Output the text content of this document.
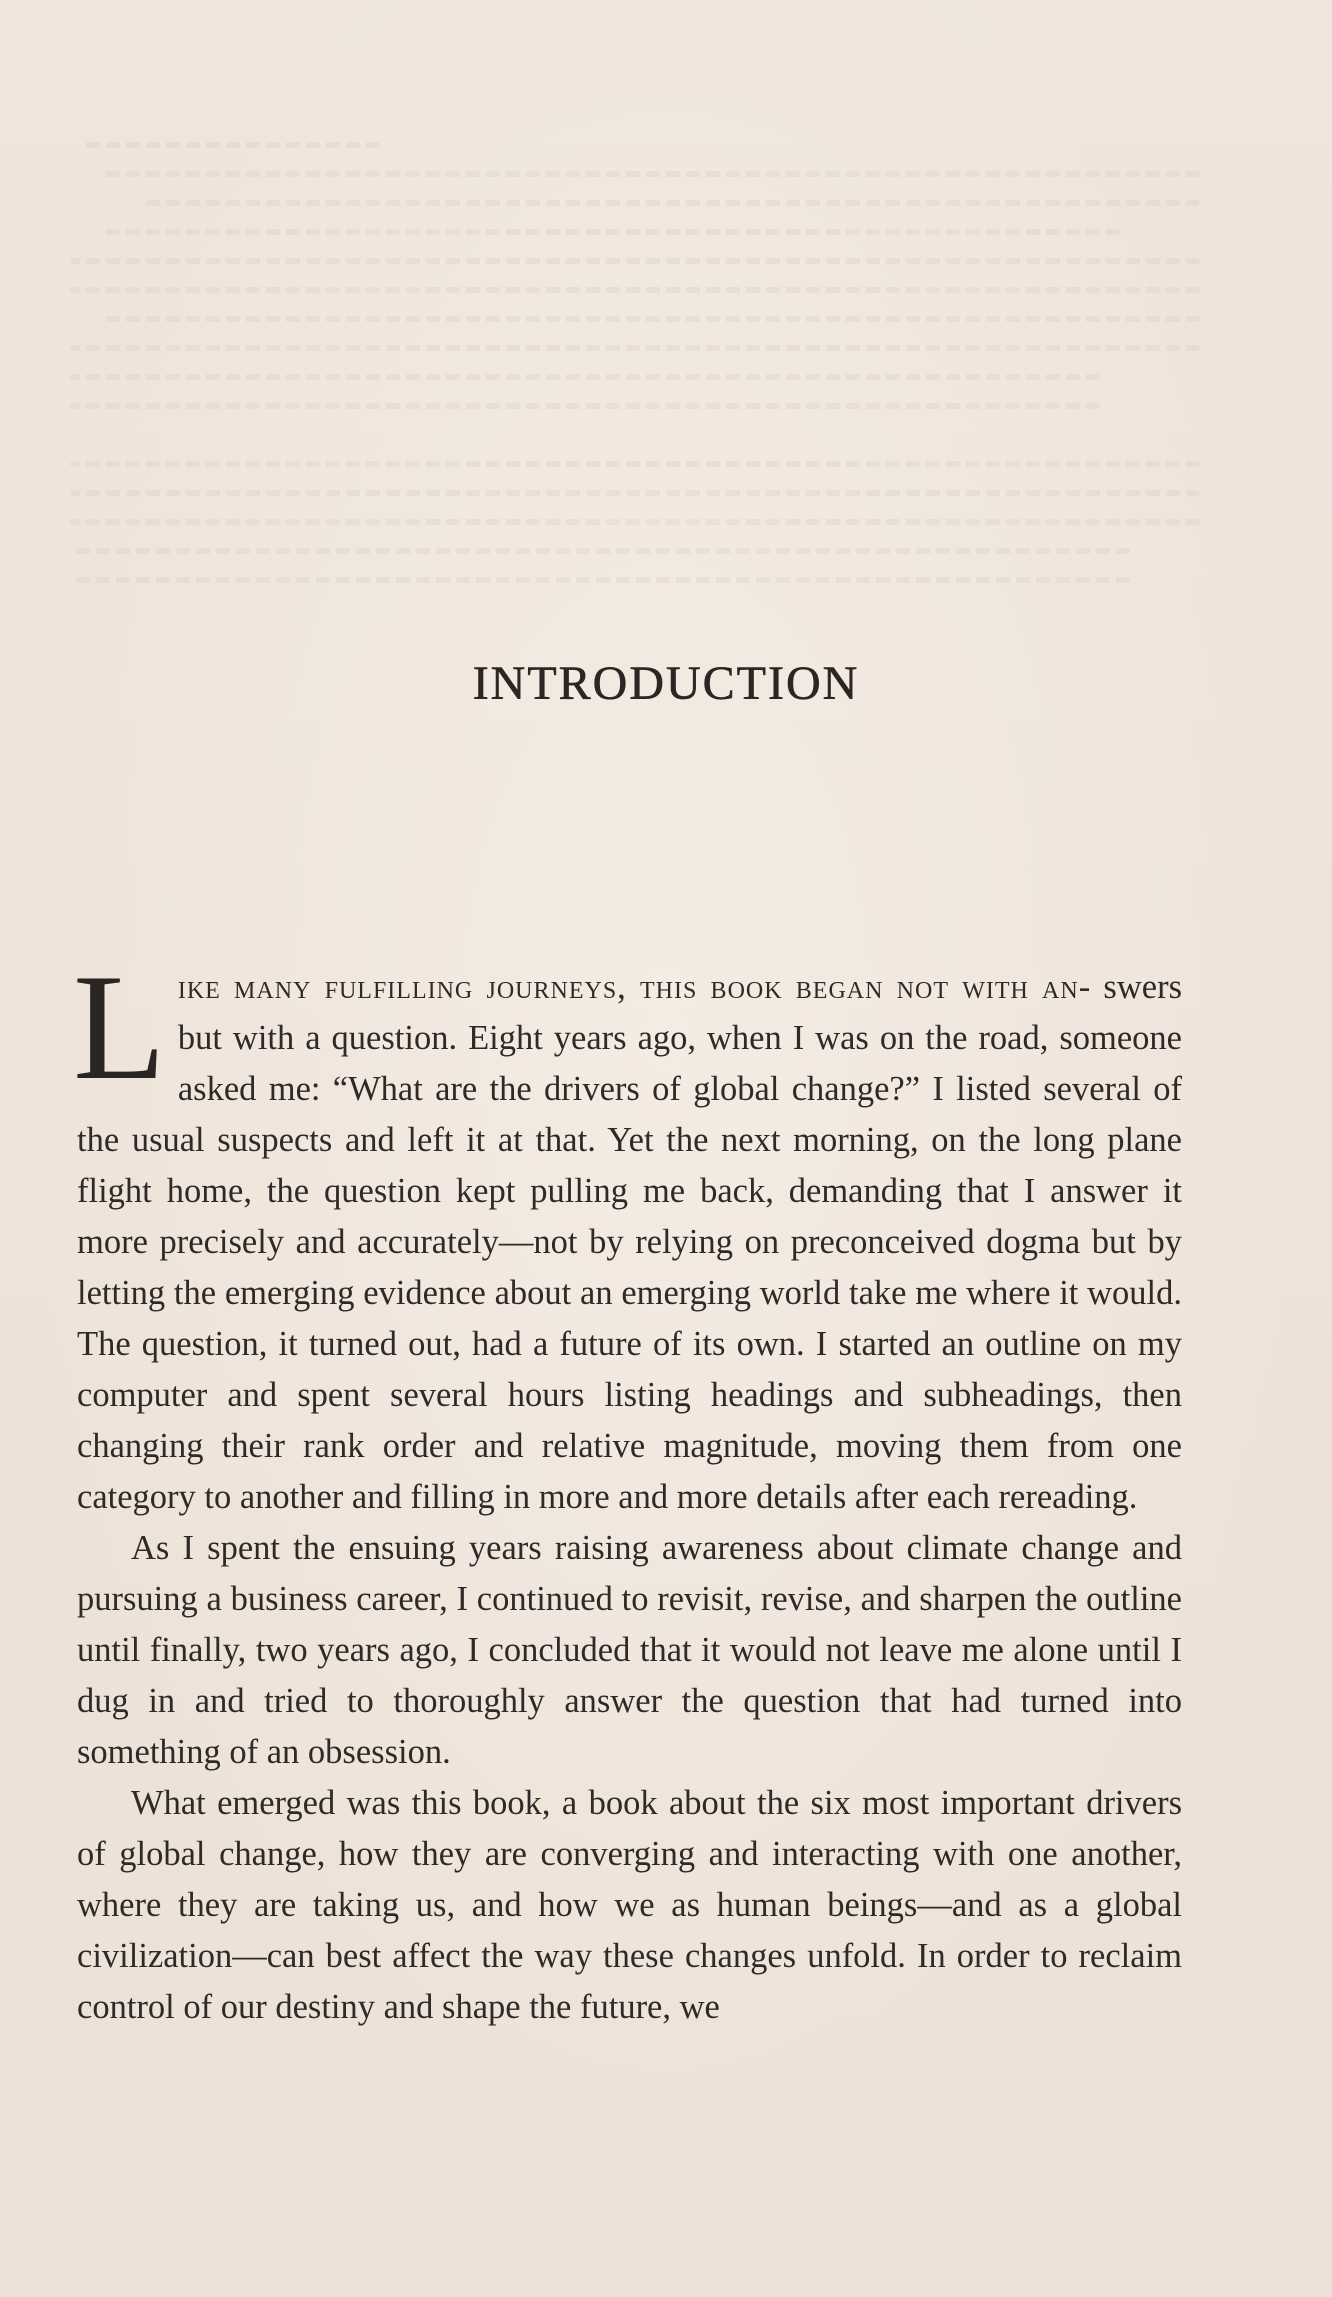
INTRODUCTION

Like many fulfilling journeys, this book began not with an- swers but with a question. Eight years ago, when I was on the road, someone asked me: “What are the drivers of global change?” I listed several of the usual suspects and left it at that. Yet the next morning, on the long plane flight home, the question kept pulling me back, demanding that I answer it more precisely and accurately—not by relying on preconceived dogma but by letting the emerging evidence about an emerging world take me where it would. The question, it turned out, had a future of its own. I started an outline on my computer and spent several hours listing headings and subheadings, then changing their rank order and relative magnitude, moving them from one category to another and filling in more and more details after each rereading.

As I spent the ensuing years raising awareness about climate change and pursuing a business career, I continued to revisit, revise, and sharpen the outline until finally, two years ago, I concluded that it would not leave me alone until I dug in and tried to thoroughly answer the question that had turned into something of an obsession.

What emerged was this book, a book about the six most important drivers of global change, how they are converging and interacting with one another, where they are taking us, and how we as human beings—and as a global civilization—can best affect the way these changes unfold. In order to reclaim control of our destiny and shape the future, we
